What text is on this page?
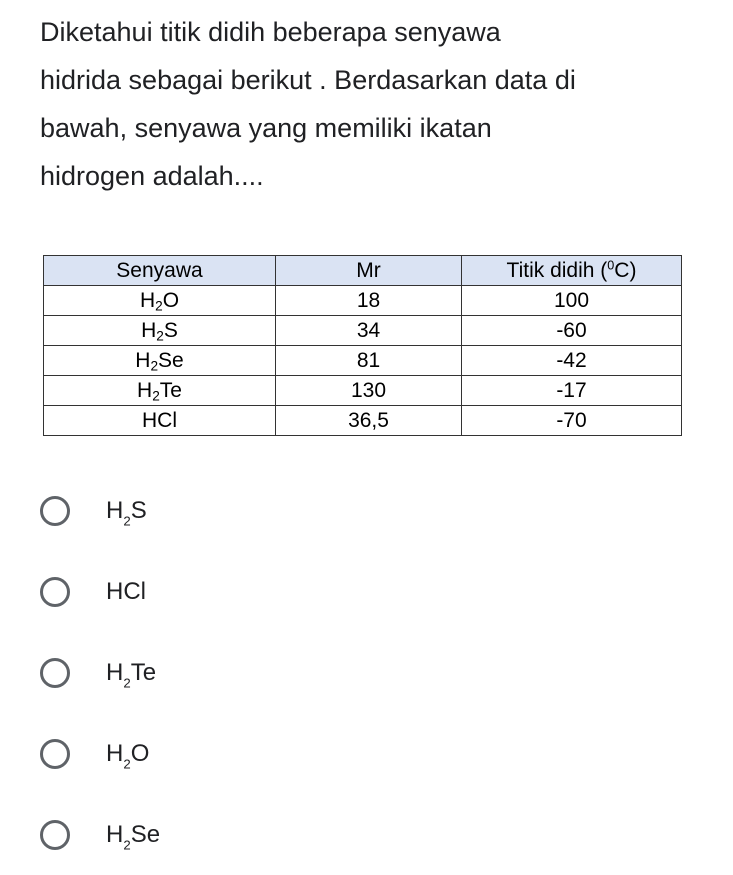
Diketahui titik didih beberapa senyawa
hidrida sebagai berikut . Berdasarkan data di
bawah, senyawa yang memiliki ikatan
hidrogen adalah....
Senyawa	Mr	Titik didih ($^0$C)
$H_2O$	18	100
$H_2S$	34	-60
$H_2Se$	81	-42
$H_2Te$	130	-17
HCl	36,5	-70
$H_2S$
HCl
$H_2Te$
$H_2O$
$H_2Se$
